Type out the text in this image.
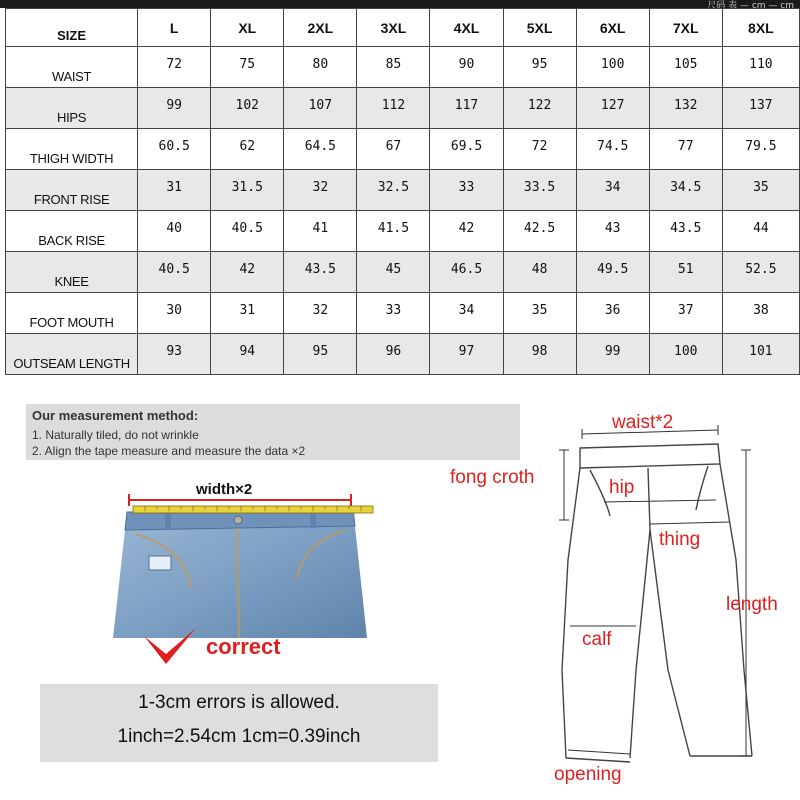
尺码 表 — cm — cm
SIZE	L	XL	2XL	3XL	4XL	5XL	6XL	7XL	8XL
WAIST	72	75	80	85	90	95	100	105	110
HIPS	99	102	107	112	117	122	127	132	137
THIGH WIDTH	60.5	62	64.5	67	69.5	72	74.5	77	79.5
FRONT RISE	31	31.5	32	32.5	33	33.5	34	34.5	35
BACK RISE	40	40.5	41	41.5	42	42.5	43	43.5	44
KNEE	40.5	42	43.5	45	46.5	48	49.5	51	52.5
FOOT MOUTH	30	31	32	33	34	35	36	37	38
OUTSEAM LENGTH	93	94	95	96	97	98	99	100	101
Our measurement method:
1. Naturally tiled, do not wrinkle
2. Align the tape measure and measure the data ×2
width×2
correct
1-3cm errors is allowed.
1inch=2.54cm 1cm=0.39inch
waist*2
fong croth	hip
thing
length
calf
opening
